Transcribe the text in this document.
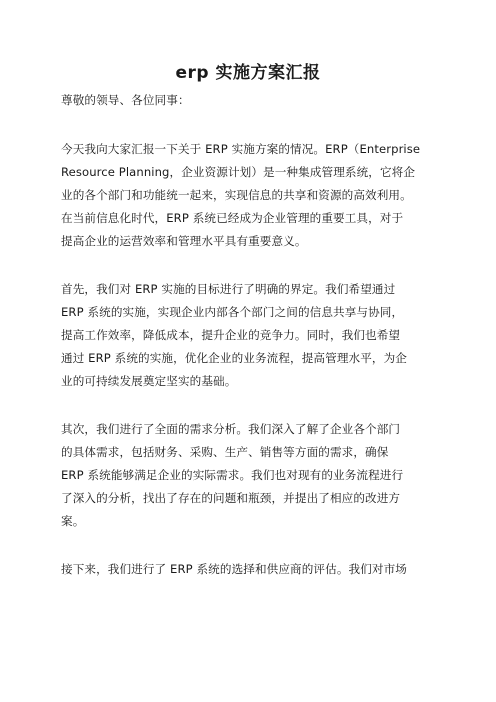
erp 实施方案汇报
尊敬的领导、各位同事：
今天我向大家汇报一下关于 ERP 实施方案的情况。ERP（Enterprise
Resource Planning，企业资源计划）是一种集成管理系统，它将企
业的各个部门和功能统一起来，实现信息的共享和资源的高效利用。
在当前信息化时代，ERP 系统已经成为企业管理的重要工具，对于
提高企业的运营效率和管理水平具有重要意义。
首先，我们对 ERP 实施的目标进行了明确的界定。我们希望通过
ERP 系统的实施，实现企业内部各个部门之间的信息共享与协同，
提高工作效率，降低成本，提升企业的竞争力。同时，我们也希望
通过 ERP 系统的实施，优化企业的业务流程，提高管理水平，为企
业的可持续发展奠定坚实的基础。
其次，我们进行了全面的需求分析。我们深入了解了企业各个部门
的具体需求，包括财务、采购、生产、销售等方面的需求，确保
ERP 系统能够满足企业的实际需求。我们也对现有的业务流程进行
了深入的分析，找出了存在的问题和瓶颈，并提出了相应的改进方
案。
接下来，我们进行了 ERP 系统的选择和供应商的评估。我们对市场
